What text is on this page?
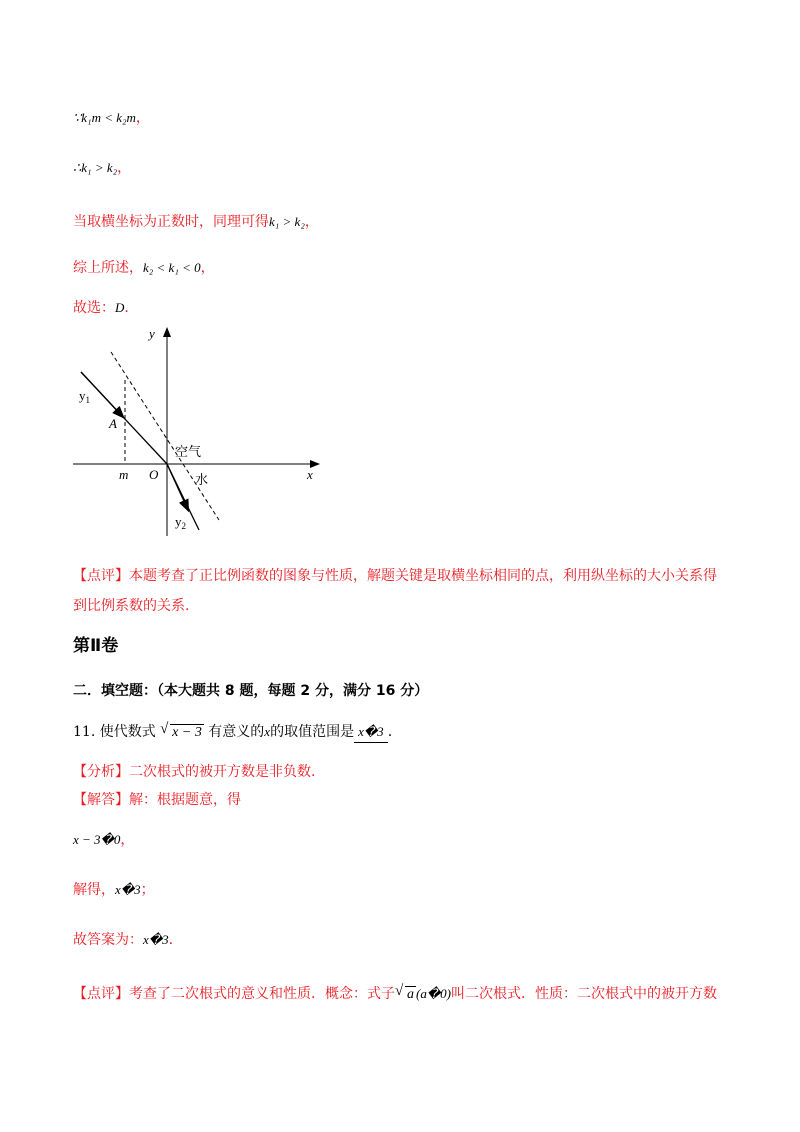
∵k₁m < k₂m，
∴k₁ > k₂，
当取横坐标为正数时，同理可得k₁ > k₂，
综上所述，k₂ < k₁ < 0，
故选：D.
y
x
$y_1$
$y_2$
A
m O
空气
水
【点评】本题考查了正比例函数的图象与性质，解题关键是取横坐标相同的点，利用纵坐标的大小关系得
到比例系数的关系.
第Ⅱ卷
二．填空题：（本大题共 8 题，每题 2 分，满分 16 分）
11. 使代数式 √ x − 3 有意义的x的取值范围是 x�3 .
【分析】二次根式的被开方数是非负数.
【解答】解：根据题意，得
x − 3�0，
解得，x�3；
故答案为：x�3.
【点评】考查了二次根式的意义和性质．概念：式子 √ a (a�0)叫二次根式．性质：二次根式中的被开方数
